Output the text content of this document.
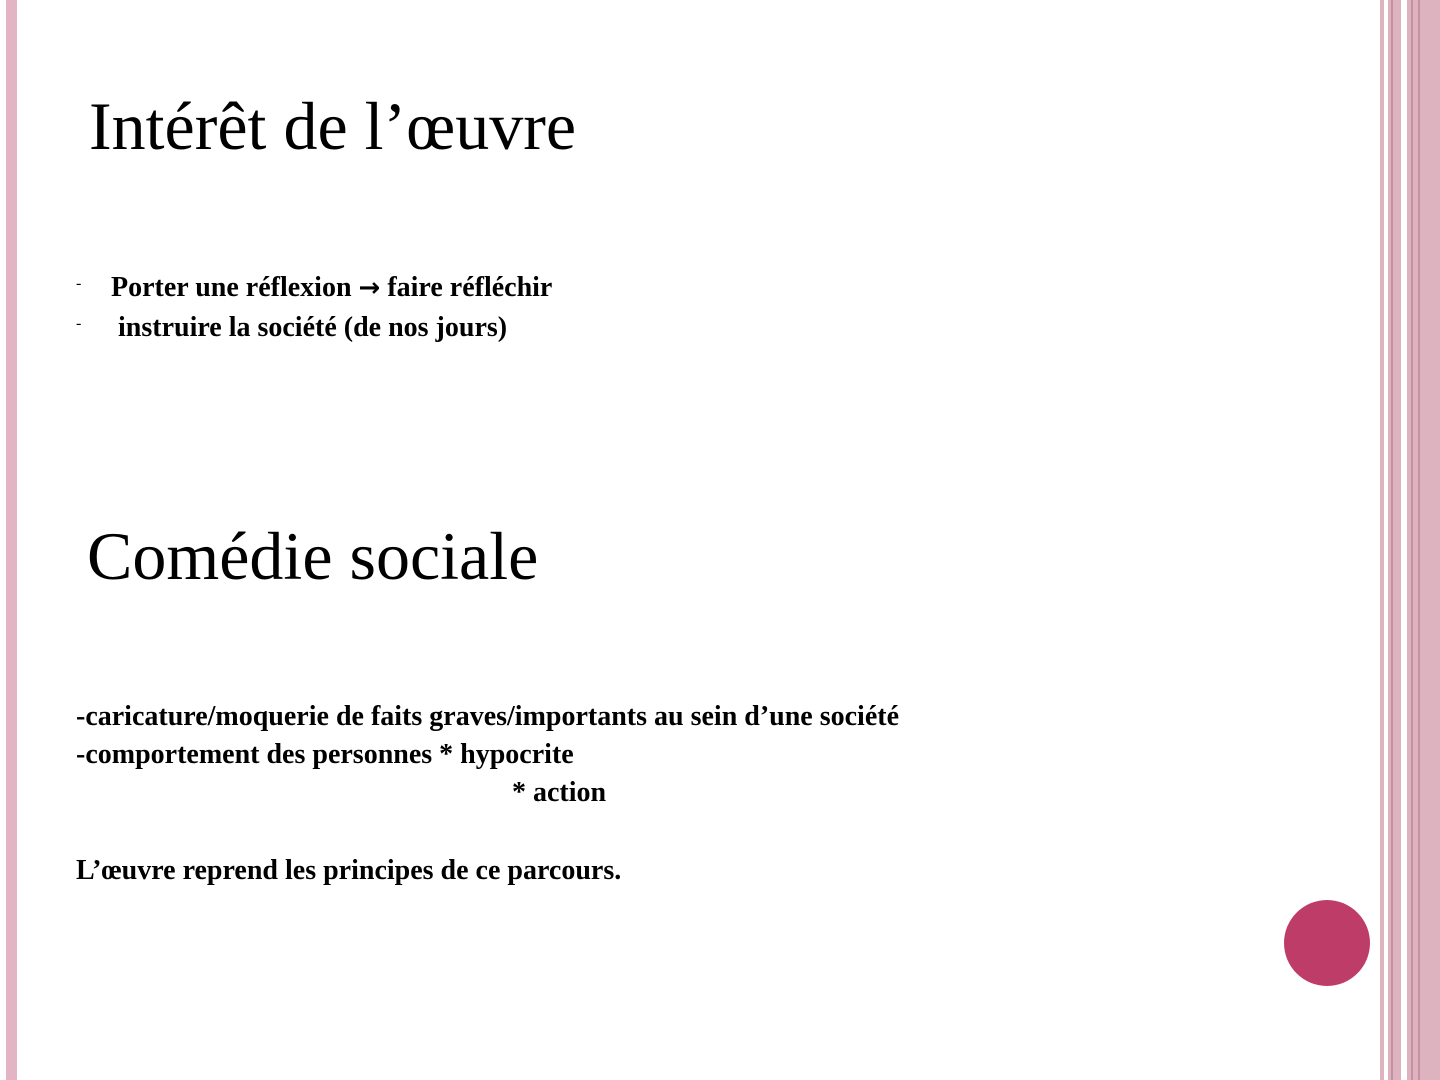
Intérêt de l’œuvre
- Porter une réflexion → faire réfléchir
- instruire la société (de nos jours)
Comédie sociale

-caricature/moquerie de faits graves/importants au sein d’une société

-comportement des personnes * hypocrite

* action

L’œuvre reprend les principes de ce parcours.
